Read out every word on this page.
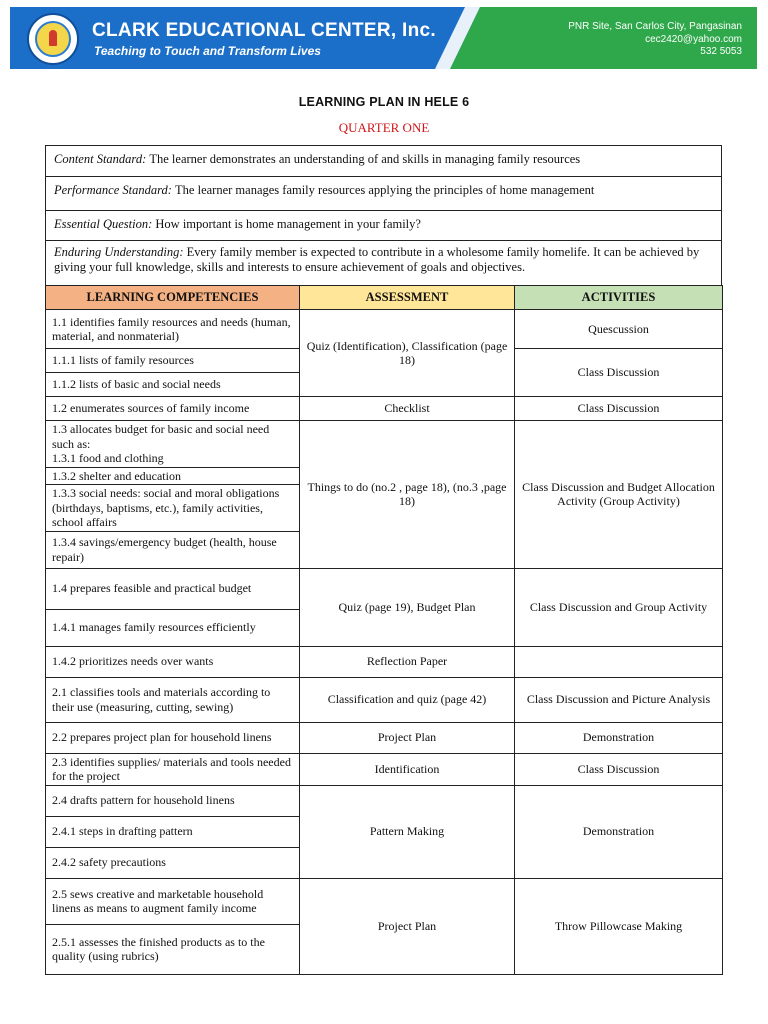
CLARK EDUCATIONAL CENTER, Inc.
Teaching to Touch and Transform Lives
PNR Site, San Carlos City, Pangasinan
cec2420@yahoo.com
532 5053
LEARNING PLAN IN HELE 6
QUARTER ONE
Content Standard: The learner demonstrates an understanding of and skills in managing family resources
Performance Standard: The learner manages family resources applying the principles of home management
Essential Question: How important is home management in your family?
Enduring Understanding: Every family member is expected to contribute in a wholesome family homelife. It can be achieved by giving your full knowledge, skills and interests to ensure achievement of goals and objectives.
LEARNING COMPETENCIES	ASSESSMENT	ACTIVITIES
1.1 identifies family resources and needs (human, material, and nonmaterial)	Quiz (Identification), Classification (page 18)	Quescussion
1.1.1 lists of family resources		Class Discussion
1.1.2 lists of basic and social needs		
1.2 enumerates sources of family income	Checklist	Class Discussion
1.3 allocates budget for basic and social need such as:
1.3.1 food and clothing	Things to do (no.2 , page 18), (no.3 ,page 18)	Class Discussion and Budget Allocation Activity (Group Activity)
1.3.2 shelter and education		
1.3.3 social needs: social and moral obligations (birthdays, baptisms, etc.), family activities, school affairs		
1.3.4 savings/emergency budget (health, house repair)		
1.4 prepares feasible and practical budget	Quiz (page 19), Budget Plan	Class Discussion and Group Activity
1.4.1 manages family resources efficiently		
1.4.2 prioritizes needs over wants	Reflection Paper	
2.1 classifies tools and materials according to their use (measuring, cutting, sewing)	Classification and quiz (page 42)	Class Discussion and Picture Analysis
2.2 prepares project plan for household linens	Project Plan	Demonstration
2.3 identifies supplies/ materials and tools needed for the project	Identification	Class Discussion
2.4 drafts pattern for household linens	Pattern Making	Demonstration
2.4.1 steps in drafting pattern		
2.4.2 safety precautions		
2.5 sews creative and marketable household linens as means to augment family income	Project Plan	Throw Pillowcase Making
2.5.1 assesses the finished products as to the quality (using rubrics)		
